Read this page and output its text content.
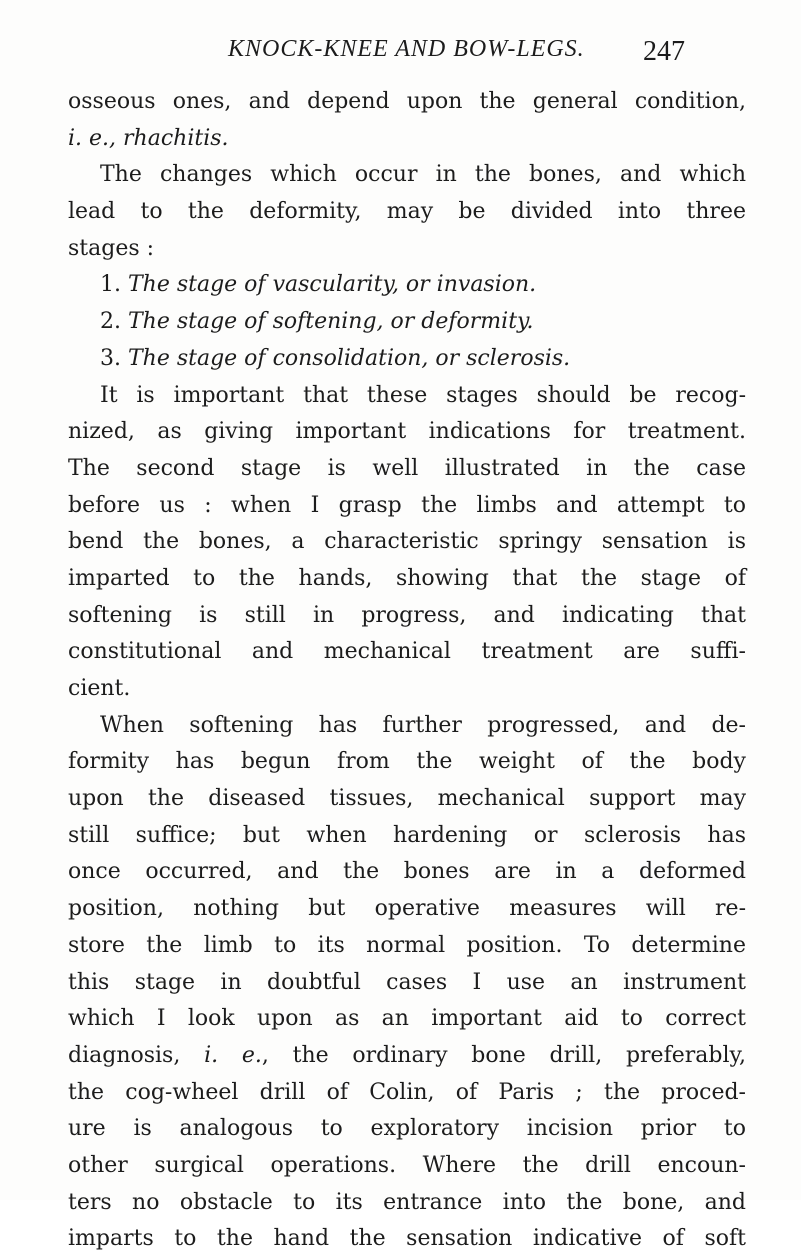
KNOCK-KNEE AND BOW-LEGS. 247
osseous ones, and depend upon the general condition,
i. e., rhachitis.
The changes which occur in the bones, and which
lead to the deformity, may be divided into three
stages :
1. The stage of vascularity, or invasion.
2. The stage of softening, or deformity.
3. The stage of consolidation, or sclerosis.
It is important that these stages should be recog-
nized, as giving important indications for treatment.
The second stage is well illustrated in the case
before us : when I grasp the limbs and attempt to
bend the bones, a characteristic springy sensation is
imparted to the hands, showing that the stage of
softening is still in progress, and indicating that
constitutional and mechanical treatment are suffi-
cient.
When softening has further progressed, and de-
formity has begun from the weight of the body
upon the diseased tissues, mechanical support may
still suffice; but when hardening or sclerosis has
once occurred, and the bones are in a deformed
position, nothing but operative measures will re-
store the limb to its normal position. To determine
this stage in doubtful cases I use an instrument
which I look upon as an important aid to correct
diagnosis, i. e., the ordinary bone drill, preferably,
the cog-wheel drill of Colin, of Paris ; the proced-
ure is analogous to exploratory incision prior to
other surgical operations. Where the drill encoun-
ters no obstacle to its entrance into the bone, and
imparts to the hand the sensation indicative of soft
